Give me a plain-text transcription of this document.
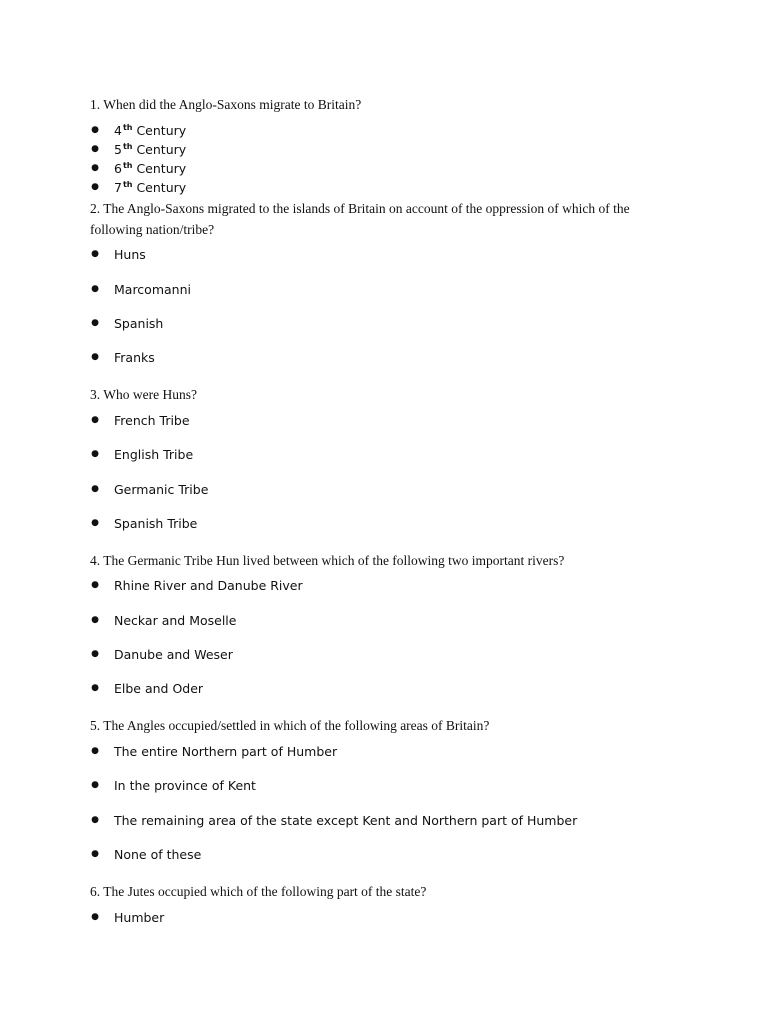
1. When did the Anglo-Saxons migrate to Britain?

● 4th Century
● 5th Century
● 6th Century
● 7th Century

2. The Anglo-Saxons migrated to the islands of Britain on account of the oppression of which of the following nation/tribe?

● Huns
● Marcomanni
● Spanish
● Franks

3. Who were Huns?

● French Tribe
● English Tribe
● Germanic Tribe
● Spanish Tribe

4. The Germanic Tribe Hun lived between which of the following two important rivers?

● Rhine River and Danube River
● Neckar and Moselle
● Danube and Weser
● Elbe and Oder

5. The Angles occupied/settled in which of the following areas of Britain?

● The entire Northern part of Humber
● In the province of Kent
● The remaining area of the state except Kent and Northern part of Humber
● None of these

6. The Jutes occupied which of the following part of the state?

● Humber
